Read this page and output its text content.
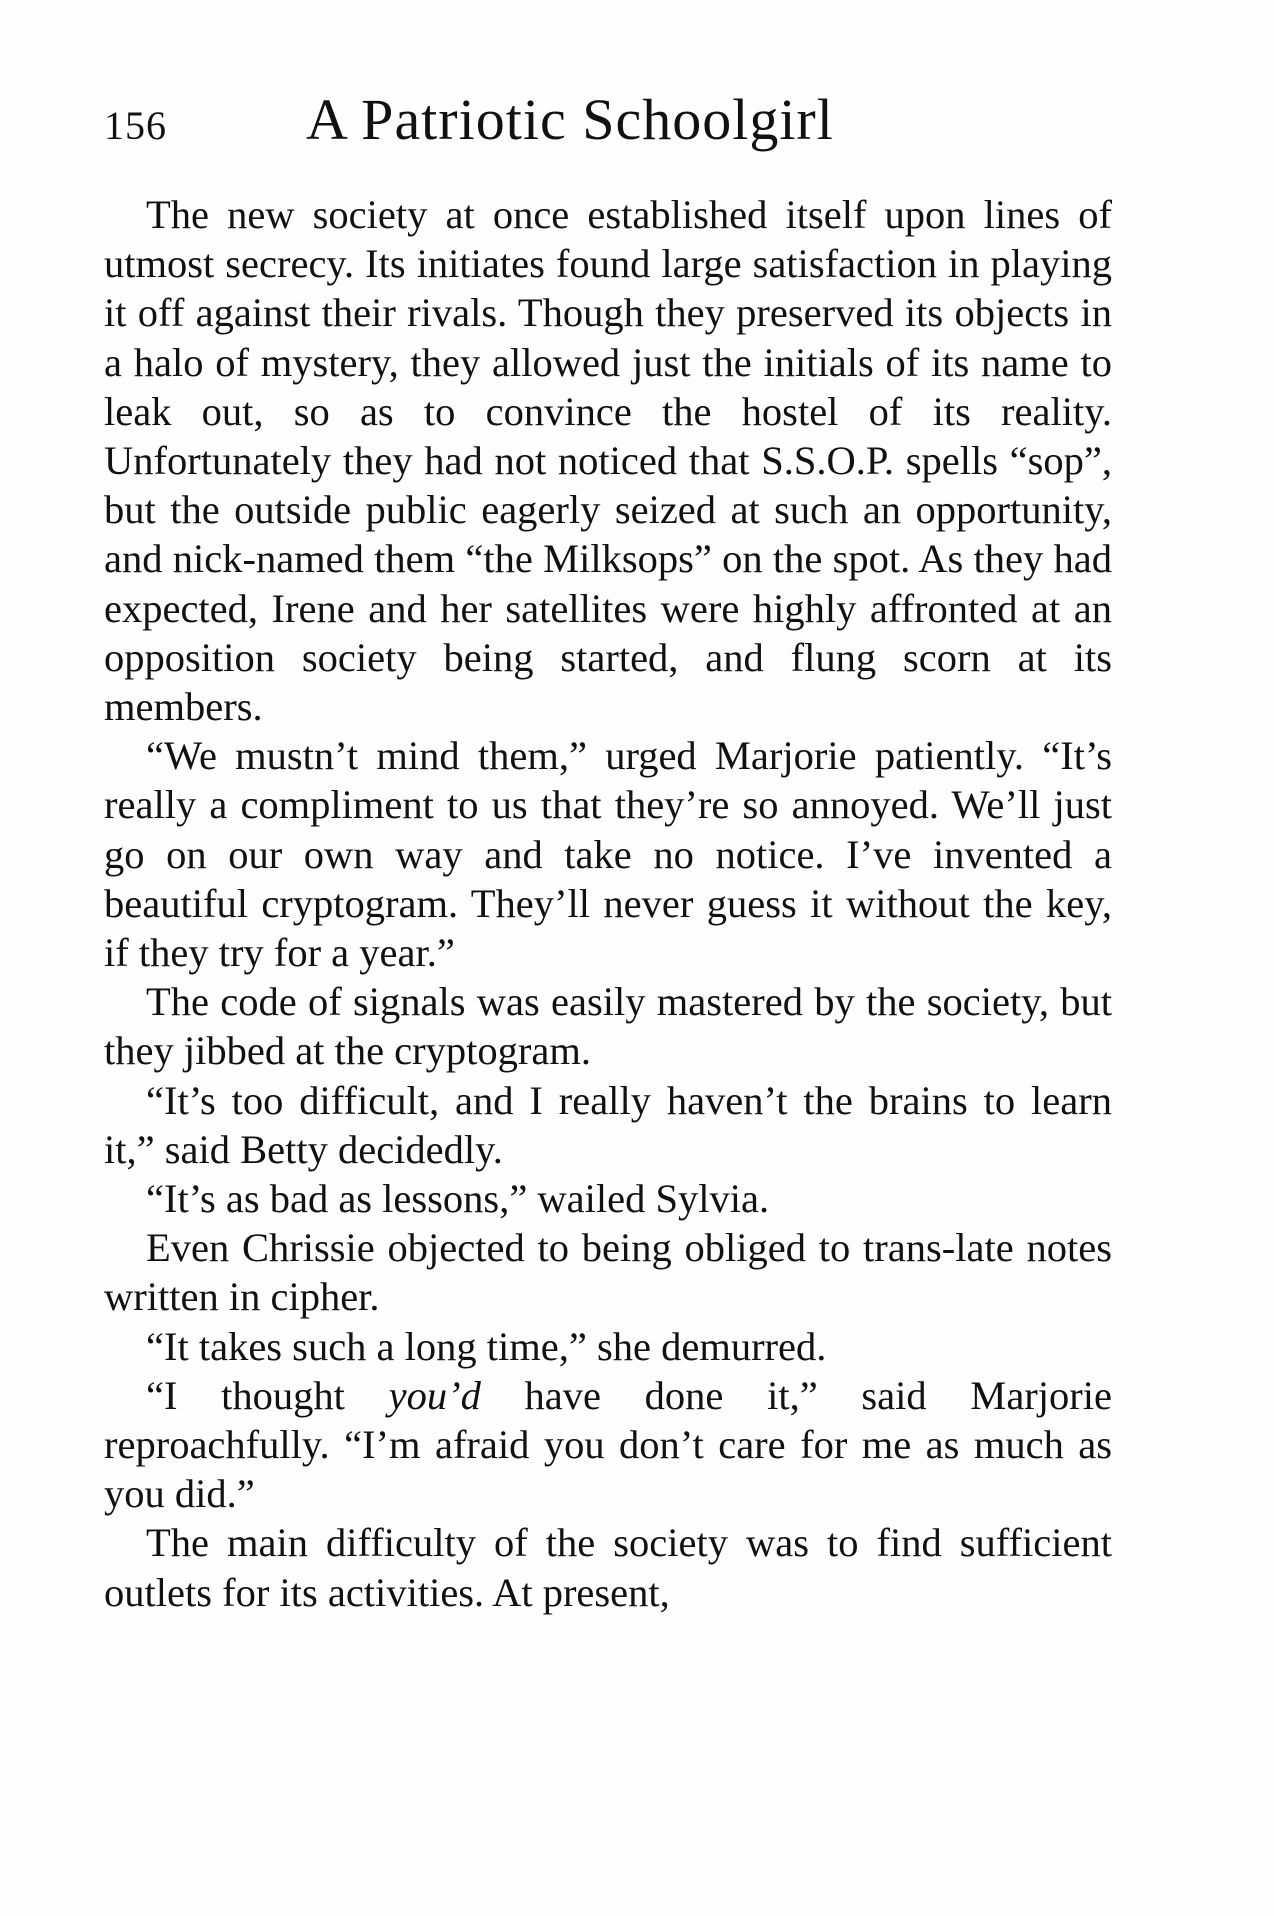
156 A Patriotic Schoolgirl

The new society at once established itself upon lines of utmost secrecy. Its initiates found large satisfaction in playing it off against their rivals. Though they preserved its objects in a halo of mystery, they allowed just the initials of its name to leak out, so as to convince the hostel of its reality. Unfortunately they had not noticed that S.S.O.P. spells “sop”, but the outside public eagerly seized at such an opportunity, and nick-named them “the Milksops” on the spot. As they had expected, Irene and her satellites were highly affronted at an opposition society being started, and flung scorn at its members.

“We mustn’t mind them,” urged Marjorie patiently. “It’s really a compliment to us that they’re so annoyed. We’ll just go on our own way and take no notice. I’ve invented a beautiful cryptogram. They’ll never guess it without the key, if they try for a year.”

The code of signals was easily mastered by the society, but they jibbed at the cryptogram.

“It’s too difficult, and I really haven’t the brains to learn it,” said Betty decidedly.

“It’s as bad as lessons,” wailed Sylvia.

Even Chrissie objected to being obliged to trans-late notes written in cipher.

“It takes such a long time,” she demurred.

“I thought you’d have done it,” said Marjorie reproachfully. “I’m afraid you don’t care for me as much as you did.”

The main difficulty of the society was to find sufficient outlets for its activities. At present,
